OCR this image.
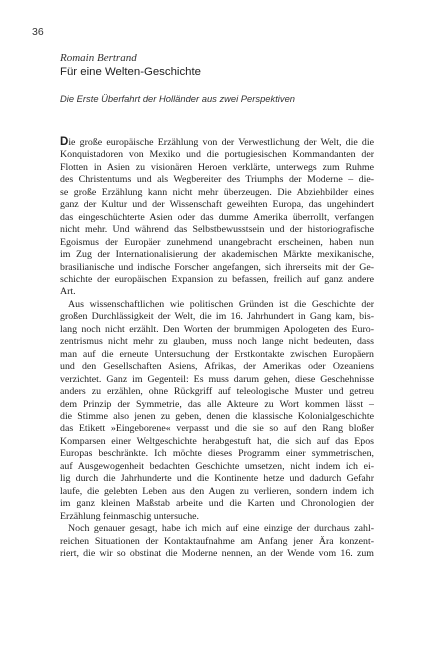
36
Romain Bertrand
Für eine Welten-Geschichte
Die Erste Überfahrt der Holländer aus zwei Perspektiven
Die große europäische Erzählung von der Verwestlichung der Welt, die die
Konquistadoren von Mexiko und die portugiesischen Kommandanten der
Flotten in Asien zu visionären Heroen verklärte, unterwegs zum Ruhme
des Christentums und als Wegbereiter des Triumphs der Moderne – die-
se große Erzählung kann nicht mehr überzeugen. Die Abziehbilder eines
ganz der Kultur und der Wissenschaft geweihten Europa, das ungehindert
das eingeschüchterte Asien oder das dumme Amerika überrollt, verfangen
nicht mehr. Und während das Selbstbewusstsein und der historiografische
Egoismus der Europäer zunehmend unangebracht erscheinen, haben nun
im Zug der Internationalisierung der akademischen Märkte mexikanische,
brasilianische und indische Forscher angefangen, sich ihrerseits mit der Ge-
schichte der europäischen Expansion zu befassen, freilich auf ganz andere
Art.
Aus wissenschaftlichen wie politischen Gründen ist die Geschichte der
großen Durchlässigkeit der Welt, die im 16. Jahrhundert in Gang kam, bis-
lang noch nicht erzählt. Den Worten der brummigen Apologeten des Euro-
zentrismus nicht mehr zu glauben, muss noch lange nicht bedeuten, dass
man auf die erneute Untersuchung der Erstkontakte zwischen Europäern
und den Gesellschaften Asiens, Afrikas, der Amerikas oder Ozeaniens
verzichtet. Ganz im Gegenteil: Es muss darum gehen, diese Geschehnisse
anders zu erzählen, ohne Rückgriff auf teleologische Muster und getreu
dem Prinzip der Symmetrie, das alle Akteure zu Wort kommen lässt –
die Stimme also jenen zu geben, denen die klassische Kolonialgeschichte
das Etikett »Eingeborene« verpasst und die sie so auf den Rang bloßer
Komparsen einer Weltgeschichte herabgestuft hat, die sich auf das Epos
Europas beschränkte. Ich möchte dieses Programm einer symmetrischen,
auf Ausgewogenheit bedachten Geschichte umsetzen, nicht indem ich ei-
lig durch die Jahrhunderte und die Kontinente hetze und dadurch Gefahr
laufe, die gelebten Leben aus den Augen zu verlieren, sondern indem ich
im ganz kleinen Maßstab arbeite und die Karten und Chronologien der
Erzählung feinmaschig untersuche.
Noch genauer gesagt, habe ich mich auf eine einzige der durchaus zahl-
reichen Situationen der Kontaktaufnahme am Anfang jener Ära konzent-
riert, die wir so obstinat die Moderne nennen, an der Wende vom 16. zum
